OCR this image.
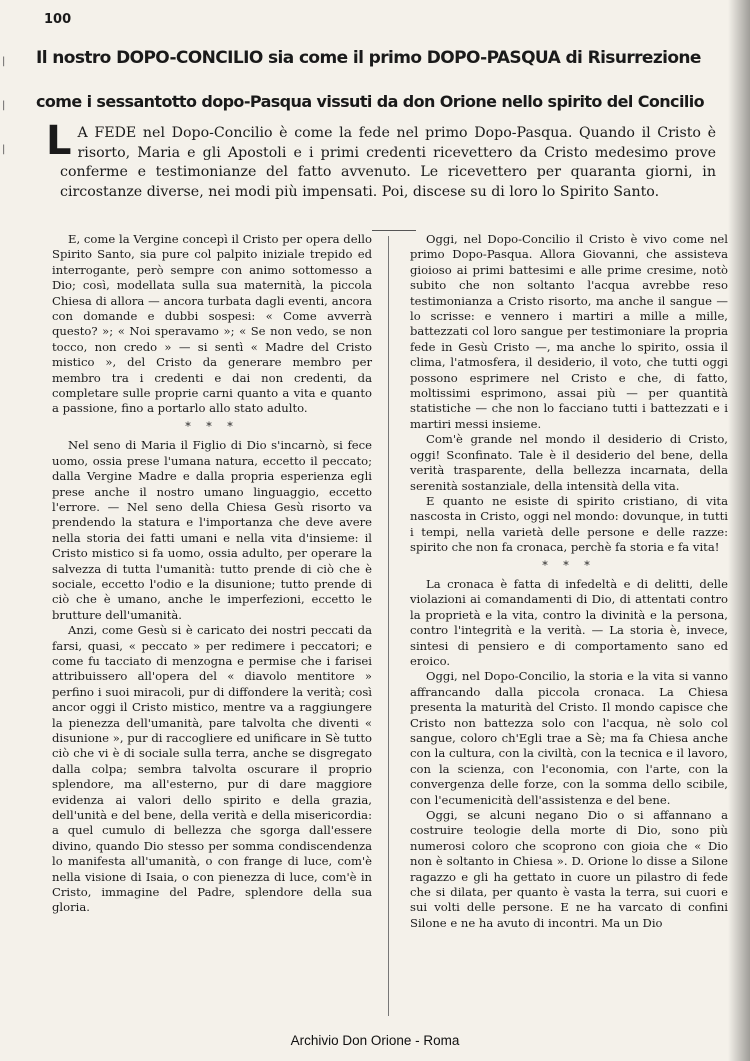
100
|
|
|
Il nostro DOPO-CONCILIO sia come il primo DOPO-PASQUA di Risurrezione
come i sessantotto dopo-Pasqua vissuti da don Orione nello spirito del Concilio
L A FEDE nel Dopo-Concilio è come la fede nel primo Dopo-Pasqua. Quando il Cristo è risorto, Maria e gli Apostoli e i primi credenti ricevettero da Cristo medesimo prove conferme e testimonianze del fatto avvenuto. Le ricevettero per quaranta giorni, in circostanze diverse, nei modi più impensati. Poi, discese su di loro lo Spirito Santo.

E, come la Vergine concepì il Cristo per opera dello Spirito Santo, sia pure col palpito iniziale trepido ed interrogante, però sempre con animo sottomesso a Dio; così, modellata sulla sua maternità, la piccola Chiesa di allora — ancora turbata dagli eventi, ancora con domande e dubbi sospesi: « Come avverrà questo? »; « Noi speravamo »; « Se non vedo, se non tocco, non credo » — si sentì « Madre del Cristo mistico », del Cristo da generare membro per membro tra i credenti e dai non credenti, da completare sulle proprie carni quanto a vita e quanto a passione, fino a portarlo allo stato adulto.

* * *

Nel seno di Maria il Figlio di Dio s'incarnò, si fece uomo, ossia prese l'umana natura, eccetto il peccato; dalla Vergine Madre e dalla propria esperienza egli prese anche il nostro umano linguaggio, eccetto l'errore. — Nel seno della Chiesa Gesù risorto va prendendo la statura e l'importanza che deve avere nella storia dei fatti umani e nella vita d'insieme: il Cristo mistico si fa uomo, ossia adulto, per operare la salvezza di tutta l'umanità: tutto prende di ciò che è sociale, eccetto l'odio e la disunione; tutto prende di ciò che è umano, anche le imperfezioni, eccetto le brutture dell'umanità.

Anzi, come Gesù si è caricato dei nostri peccati da farsi, quasi, « peccato » per redimere i peccatori; e come fu tacciato di menzogna e permise che i farisei attribuissero all'opera del « diavolo mentitore » perfino i suoi miracoli, pur di diffondere la verità; così ancor oggi il Cristo mistico, mentre va a raggiungere la pienezza dell'umanità, pare talvolta che diventi « disunione », pur di raccogliere ed unificare in Sè tutto ciò che vi è di sociale sulla terra, anche se disgregato dalla colpa; sembra talvolta oscurare il proprio splendore, ma all'esterno, pur di dare maggiore evidenza ai valori dello spirito e della grazia, dell'unità e del bene, della verità e della misericordia: a quel cumulo di bellezza che sgorga dall'essere divino, quando Dio stesso per somma condiscendenza lo manifesta all'umanità, o con frange di luce, com'è nella visione di Isaia, o con pienezza di luce, com'è in Cristo, immagine del Padre, splendore della sua gloria.

Oggi, nel Dopo-Concilio il Cristo è vivo come nel primo Dopo-Pasqua. Allora Giovanni, che assisteva gioioso ai primi battesimi e alle prime cresime, notò subito che non soltanto l'acqua avrebbe reso testimonianza a Cristo risorto, ma anche il sangue — lo scrisse: e vennero i martiri a mille a mille, battezzati col loro sangue per testimoniare la propria fede in Gesù Cristo —, ma anche lo spirito, ossia il clima, l'atmosfera, il desiderio, il voto, che tutti oggi possono esprimere nel Cristo e che, di fatto, moltissimi esprimono, assai più — per quantità statistiche — che non lo facciano tutti i battezzati e i martiri messi insieme.

Com'è grande nel mondo il desiderio di Cristo, oggi! Sconfinato. Tale è il desiderio del bene, della verità trasparente, della bellezza incarnata, della serenità sostanziale, della intensità della vita.

E quanto ne esiste di spirito cristiano, di vita nascosta in Cristo, oggi nel mondo: dovunque, in tutti i tempi, nella varietà delle persone e delle razze: spirito che non fa cronaca, perchè fa storia e fa vita!

* * *

La cronaca è fatta di infedeltà e di delitti, delle violazioni ai comandamenti di Dio, di attentati contro la proprietà e la vita, contro la divinità e la persona, contro l'integrità e la verità. — La storia è, invece, sintesi di pensiero e di comportamento sano ed eroico.

Oggi, nel Dopo-Concilio, la storia e la vita si vanno affrancando dalla piccola cronaca. La Chiesa presenta la maturità del Cristo. Il mondo capisce che Cristo non battezza solo con l'acqua, nè solo col sangue, coloro ch'Egli trae a Sè; ma fa Chiesa anche con la cultura, con la civiltà, con la tecnica e il lavoro, con la scienza, con l'economia, con l'arte, con la convergenza delle forze, con la somma dello scibile, con l'ecumenicità dell'assistenza e del bene.

Oggi, se alcuni negano Dio o si affannano a costruire teologie della morte di Dio, sono più numerosi coloro che scoprono con gioia che « Dio non è soltanto in Chiesa ». D. Orione lo disse a Silone ragazzo e gli ha gettato in cuore un pilastro di fede che si dilata, per quanto è vasta la terra, sui cuori e sui volti delle persone. E ne ha varcato di confini Silone e ne ha avuto di incontri. Ma un Dio

Archivio Don Orione - Roma
